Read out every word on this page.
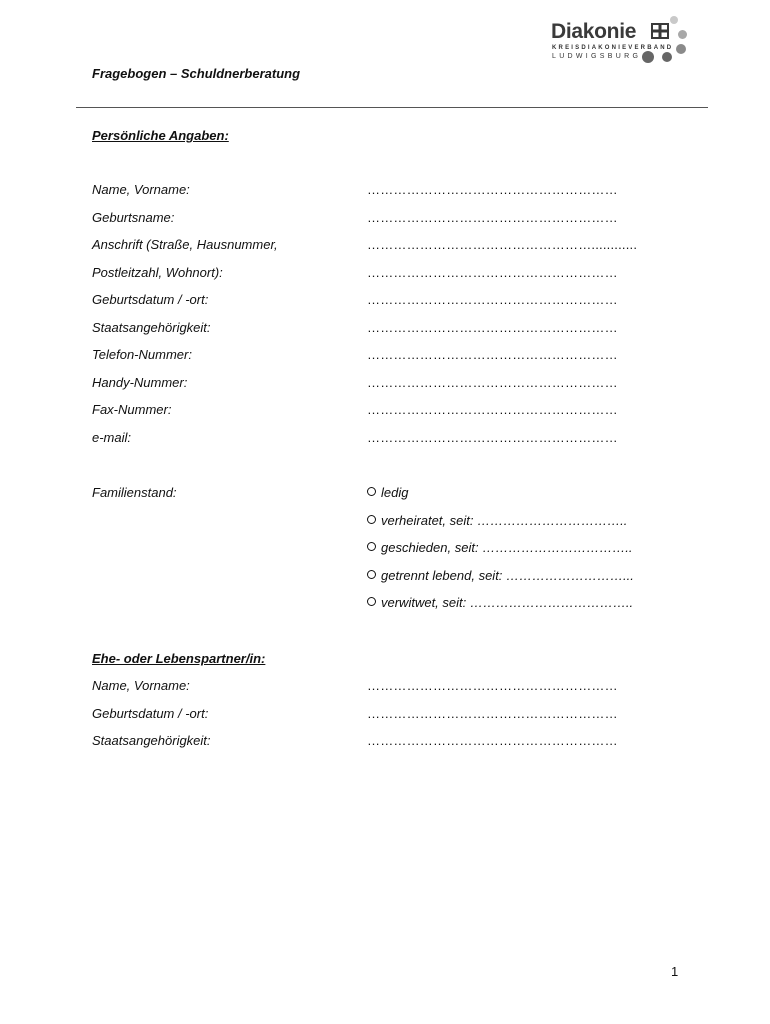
Diakonie
KREISDIAKONIEVERBAND
LUDWIGSBURG
Fragebogen – Schuldnerberatung
Persönliche Angaben:
Name, Vorname:	…………………………………………………
Geburtsname:	…………………………………………………
Anschrift (Straße, Hausnummer,	……………………………………………............
Postleitzahl, Wohnort):	…………………………………………………
Geburtsdatum / -ort:	…………………………………………………
Staatsangehörigkeit:	…………………………………………………
Telefon-Nummer:	…………………………………………………
Handy-Nummer:	…………………………………………………
Fax-Nummer:	…………………………………………………
e-mail:	…………………………………………………
Familienstand:	ledig
verheiratet, seit: ……………………………..
geschieden, seit: ……………………………..
getrennt lebend, seit: ………………………...
verwitwet, seit: ………………………………..
Ehe- oder Lebenspartner/in:
Name, Vorname:	…………………………………………………
Geburtsdatum / -ort:	…………………………………………………
Staatsangehörigkeit:	…………………………………………………
1
